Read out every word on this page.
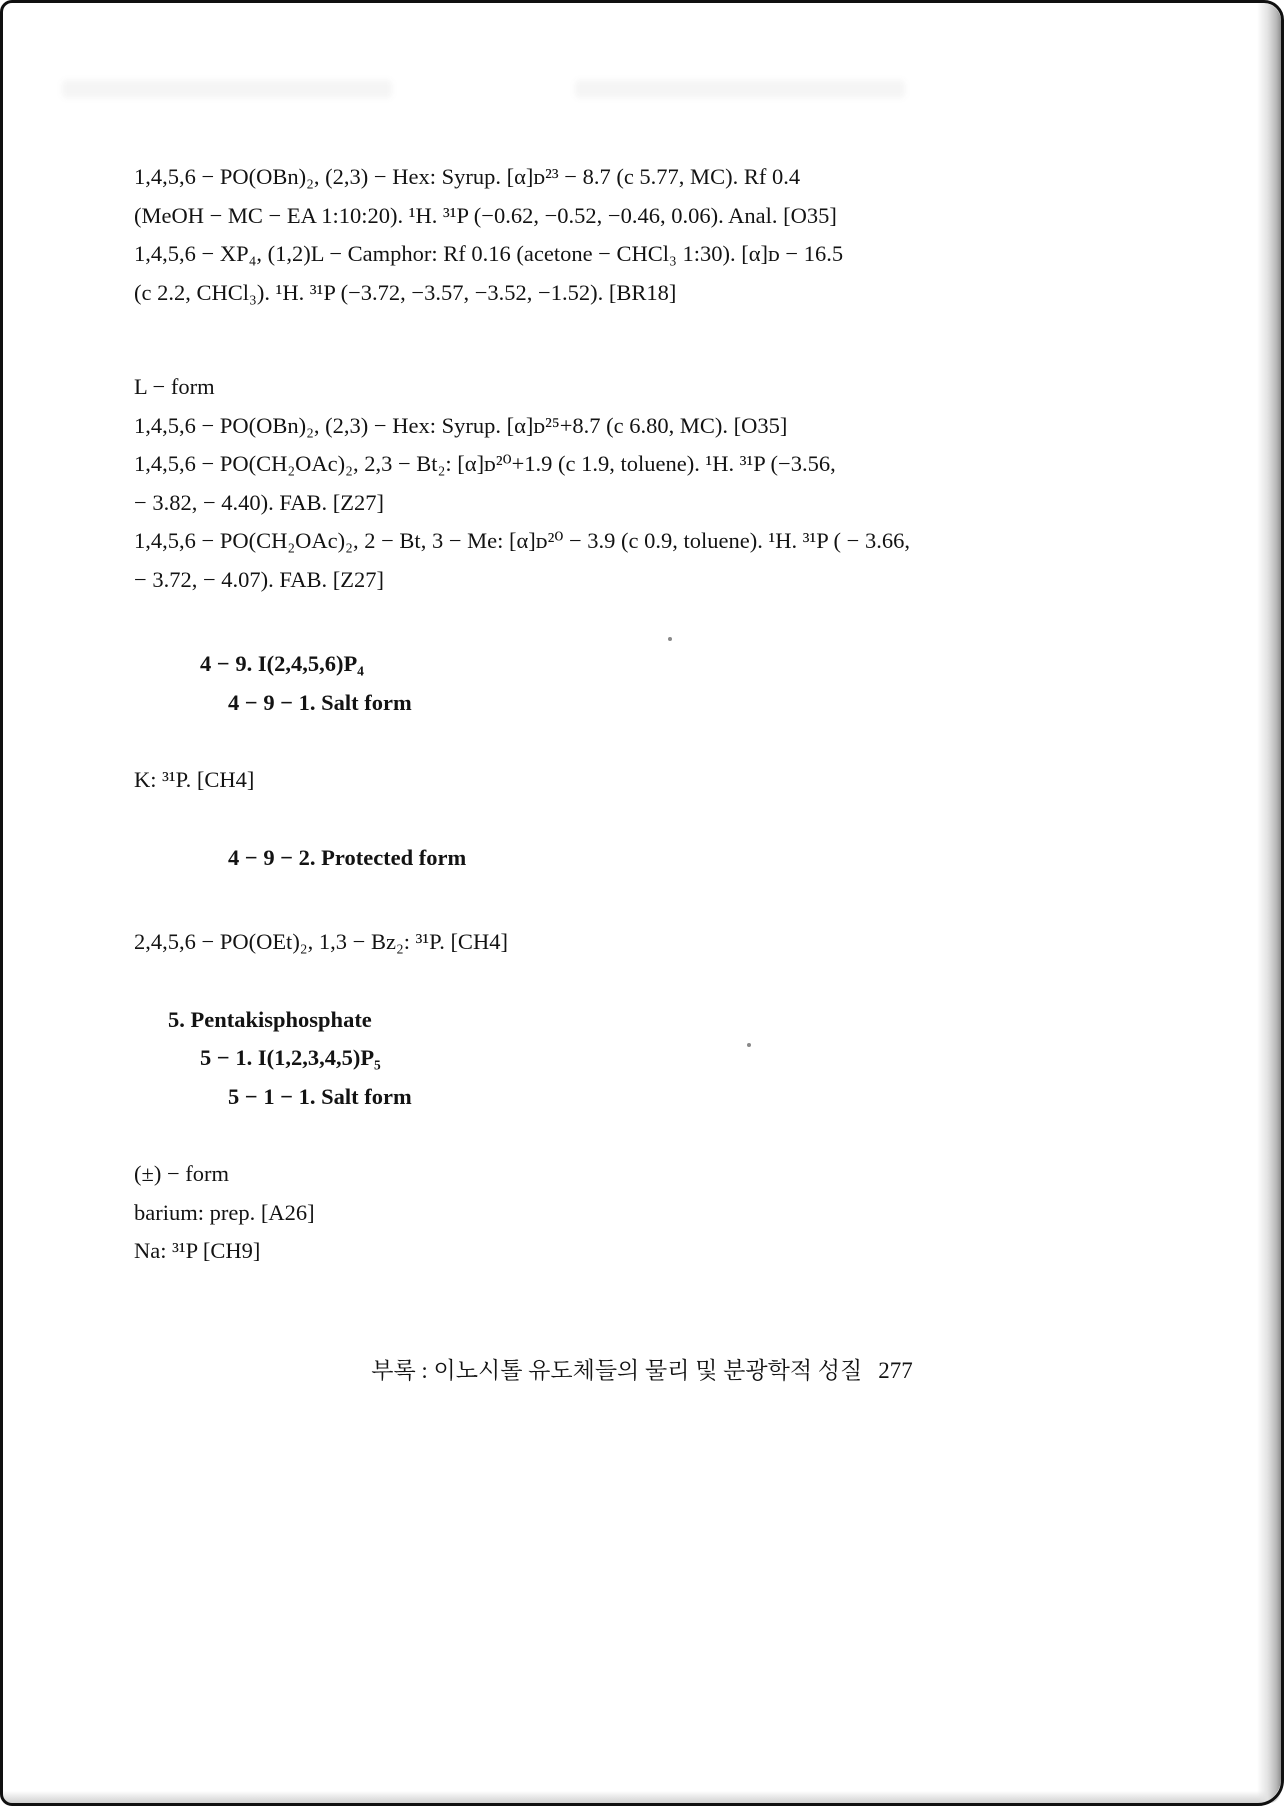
1,4,5,6 − PO(OBn)₂, (2,3) − Hex: Syrup. [α]ᴅ²³ − 8.7 (c 5.77, MC). Rf 0.4

(MeOH − MC − EA 1:10:20). ¹H. ³¹P (−0.62, −0.52, −0.46, 0.06). Anal. [O35]

1,4,5,6 − XP₄, (1,2)L − Camphor: Rf 0.16 (acetone − CHCl₃ 1:30). [α]ᴅ − 16.5

(c 2.2, CHCl₃). ¹H. ³¹P (−3.72, −3.57, −3.52, −1.52). [BR18]

L − form

1,4,5,6 − PO(OBn)₂, (2,3) − Hex: Syrup. [α]ᴅ²⁵+8.7 (c 6.80, MC). [O35]

1,4,5,6 − PO(CH₂OAc)₂, 2,3 − Bt₂: [α]ᴅ²⁰+1.9 (c 1.9, toluene). ¹H. ³¹P (−3.56,

− 3.82, − 4.40). FAB. [Z27]

1,4,5,6 − PO(CH₂OAc)₂, 2 − Bt, 3 − Me: [α]ᴅ²⁰ − 3.9 (c 0.9, toluene). ¹H. ³¹P ( − 3.66,

− 3.72, − 4.07). FAB. [Z27]

4 − 9. I(2,4,5,6)P₄

4 − 9 − 1. Salt form

K: ³¹P. [CH4]

4 − 9 − 2. Protected form

2,4,5,6 − PO(OEt)₂, 1,3 − Bz₂: ³¹P. [CH4]

5. Pentakisphosphate

5 − 1. I(1,2,3,4,5)P₅

5 − 1 − 1. Salt form

(±) − form

barium: prep. [A26]

Na: ³¹P [CH9]

부록 : 이노시톨 유도체들의 물리 및 분광학적 성질 277
